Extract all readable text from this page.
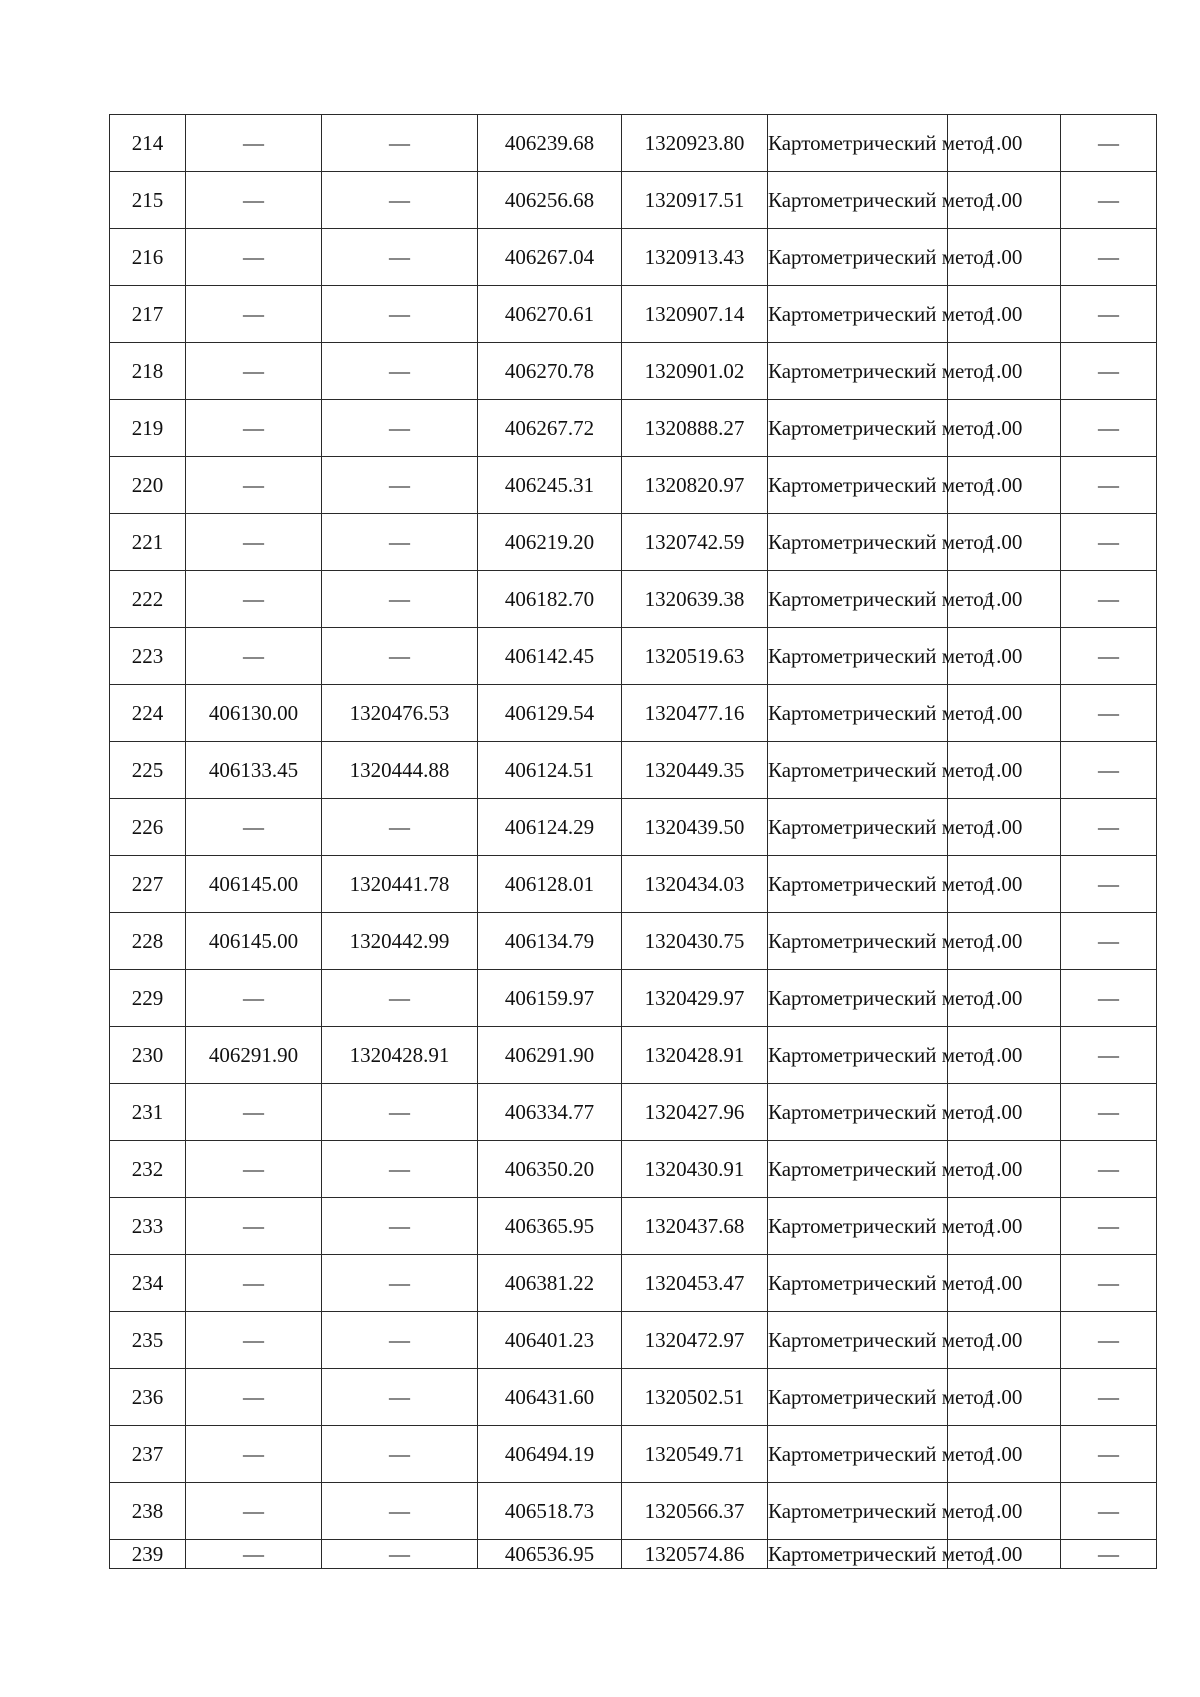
214	—	—	406239.68	1320923.80	Картометрический метод	1.00	—
215	—	—	406256.68	1320917.51	Картометрический метод	1.00	—
216	—	—	406267.04	1320913.43	Картометрический метод	1.00	—
217	—	—	406270.61	1320907.14	Картометрический метод	1.00	—
218	—	—	406270.78	1320901.02	Картометрический метод	1.00	—
219	—	—	406267.72	1320888.27	Картометрический метод	1.00	—
220	—	—	406245.31	1320820.97	Картометрический метод	1.00	—
221	—	—	406219.20	1320742.59	Картометрический метод	1.00	—
222	—	—	406182.70	1320639.38	Картометрический метод	1.00	—
223	—	—	406142.45	1320519.63	Картометрический метод	1.00	—
224	406130.00	1320476.53	406129.54	1320477.16	Картометрический метод	1.00	—
225	406133.45	1320444.88	406124.51	1320449.35	Картометрический метод	1.00	—
226	—	—	406124.29	1320439.50	Картометрический метод	1.00	—
227	406145.00	1320441.78	406128.01	1320434.03	Картометрический метод	1.00	—
228	406145.00	1320442.99	406134.79	1320430.75	Картометрический метод	1.00	—
229	—	—	406159.97	1320429.97	Картометрический метод	1.00	—
230	406291.90	1320428.91	406291.90	1320428.91	Картометрический метод	1.00	—
231	—	—	406334.77	1320427.96	Картометрический метод	1.00	—
232	—	—	406350.20	1320430.91	Картометрический метод	1.00	—
233	—	—	406365.95	1320437.68	Картометрический метод	1.00	—
234	—	—	406381.22	1320453.47	Картометрический метод	1.00	—
235	—	—	406401.23	1320472.97	Картометрический метод	1.00	—
236	—	—	406431.60	1320502.51	Картометрический метод	1.00	—
237	—	—	406494.19	1320549.71	Картометрический метод	1.00	—
238	—	—	406518.73	1320566.37	Картометрический метод	1.00	—
239	—	—	406536.95	1320574.86	Картометрический метод	1.00	—
